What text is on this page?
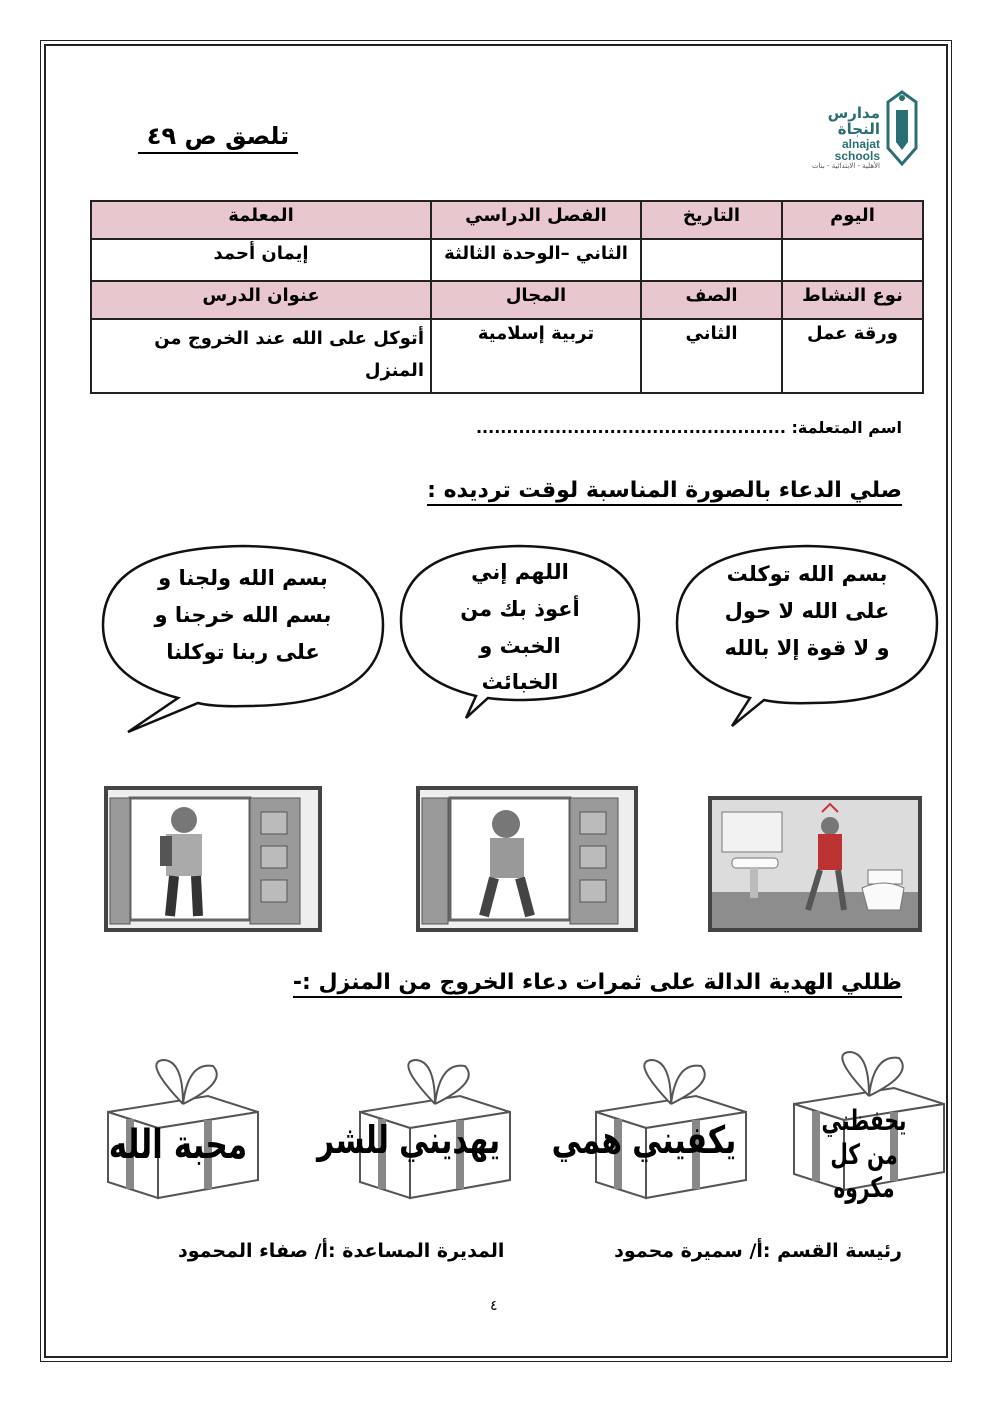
مدارس النجاة
alnajat schools
الأهلية - الابتدائية - بنات
تلصق ص ٤٩
اليوم	التاريخ	الفصل الدراسي	المعلمة
		الثاني –الوحدة الثالثة	إيمان أحمد
نوع النشاط	الصف	المجال	عنوان الدرس
ورقة عمل	الثاني	تربية إسلامية	أتوكل على الله عند الخروج من المنزل
اسم المتعلمة: ...................................................
صلي الدعاء بالصورة المناسبة لوقت ترديده :
بسم الله توكلت على الله لا حول و لا قوة إلا بالله
اللهم إني أعوذ بك من الخبث و الخبائث
بسم الله ولجنا و بسم الله خرجنا و على ربنا توكلنا
ظللي الهدية الدالة على ثمرات دعاء الخروج من المنزل :-
يحفظني من كل مكروه
يكفيني همي
يهديني للشر
محبة الله
رئيسة القسم :أ/ سميرة محمود
المديرة المساعدة :أ/ صفاء المحمود
٤
